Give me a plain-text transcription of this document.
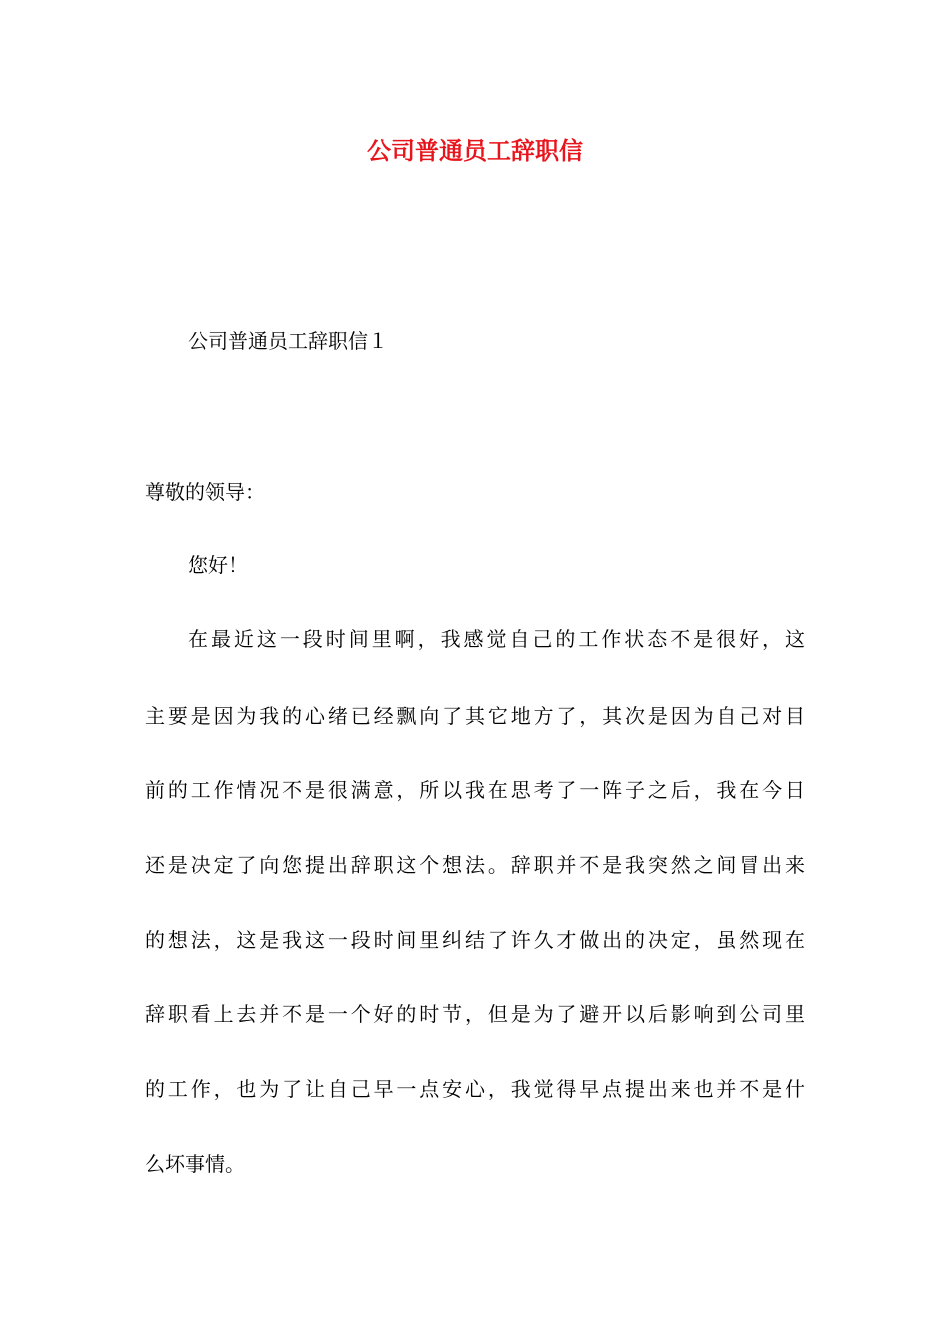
公司普通员工辞职信
公司普通员工辞职信１
尊敬的领导：
您好！
在最近这一段时间里啊，我感觉自己的工作状态不是很好，这
主要是因为我的心绪已经飘向了其它地方了，其次是因为自己对目
前的工作情况不是很满意，所以我在思考了一阵子之后，我在今日
还是决定了向您提出辞职这个想法。辞职并不是我突然之间冒出来
的想法，这是我这一段时间里纠结了许久才做出的决定，虽然现在
辞职看上去并不是一个好的时节，但是为了避开以后影响到公司里
的工作，也为了让自己早一点安心，我觉得早点提出来也并不是什
么坏事情。
